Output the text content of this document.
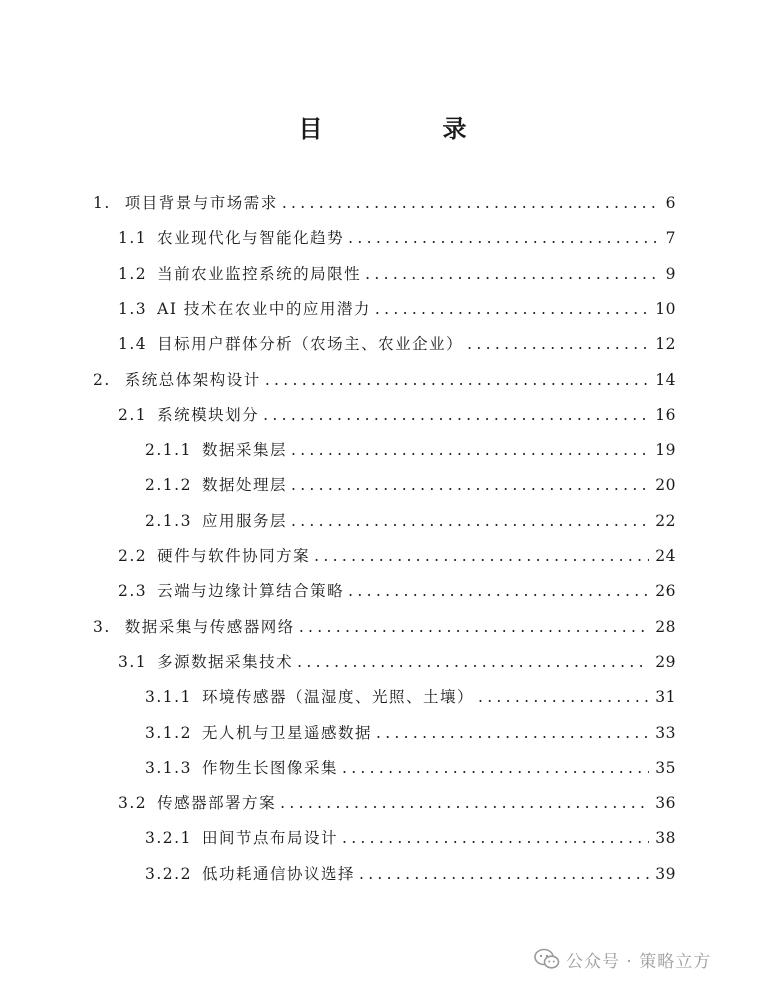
目　录
1. 项目背景与市场需求 .....	6
1.1 农业现代化与智能化趋势 .....	7
1.2 当前农业监控系统的局限性 .....	9
1.3 AI 技术在农业中的应用潜力 .....	10
1.4 目标用户群体分析（农场主、农业企业） .....	12
2. 系统总体架构设计 .....	14
2.1 系统模块划分 .....	16
2.1.1 数据采集层 .....	19
2.1.2 数据处理层 .....	20
2.1.3 应用服务层 .....	22
2.2 硬件与软件协同方案 .....	24
2.3 云端与边缘计算结合策略 .....	26
3. 数据采集与传感器网络 .....	28
3.1 多源数据采集技术 .....	29
3.1.1 环境传感器（温湿度、光照、土壤） .....	31
3.1.2 无人机与卫星遥感数据 .....	33
3.1.3 作物生长图像采集 .....	35
3.2 传感器部署方案 .....	36
3.2.1 田间节点布局设计 .....	38
3.2.2 低功耗通信协议选择 .....	39
公众号 · 策略立方
